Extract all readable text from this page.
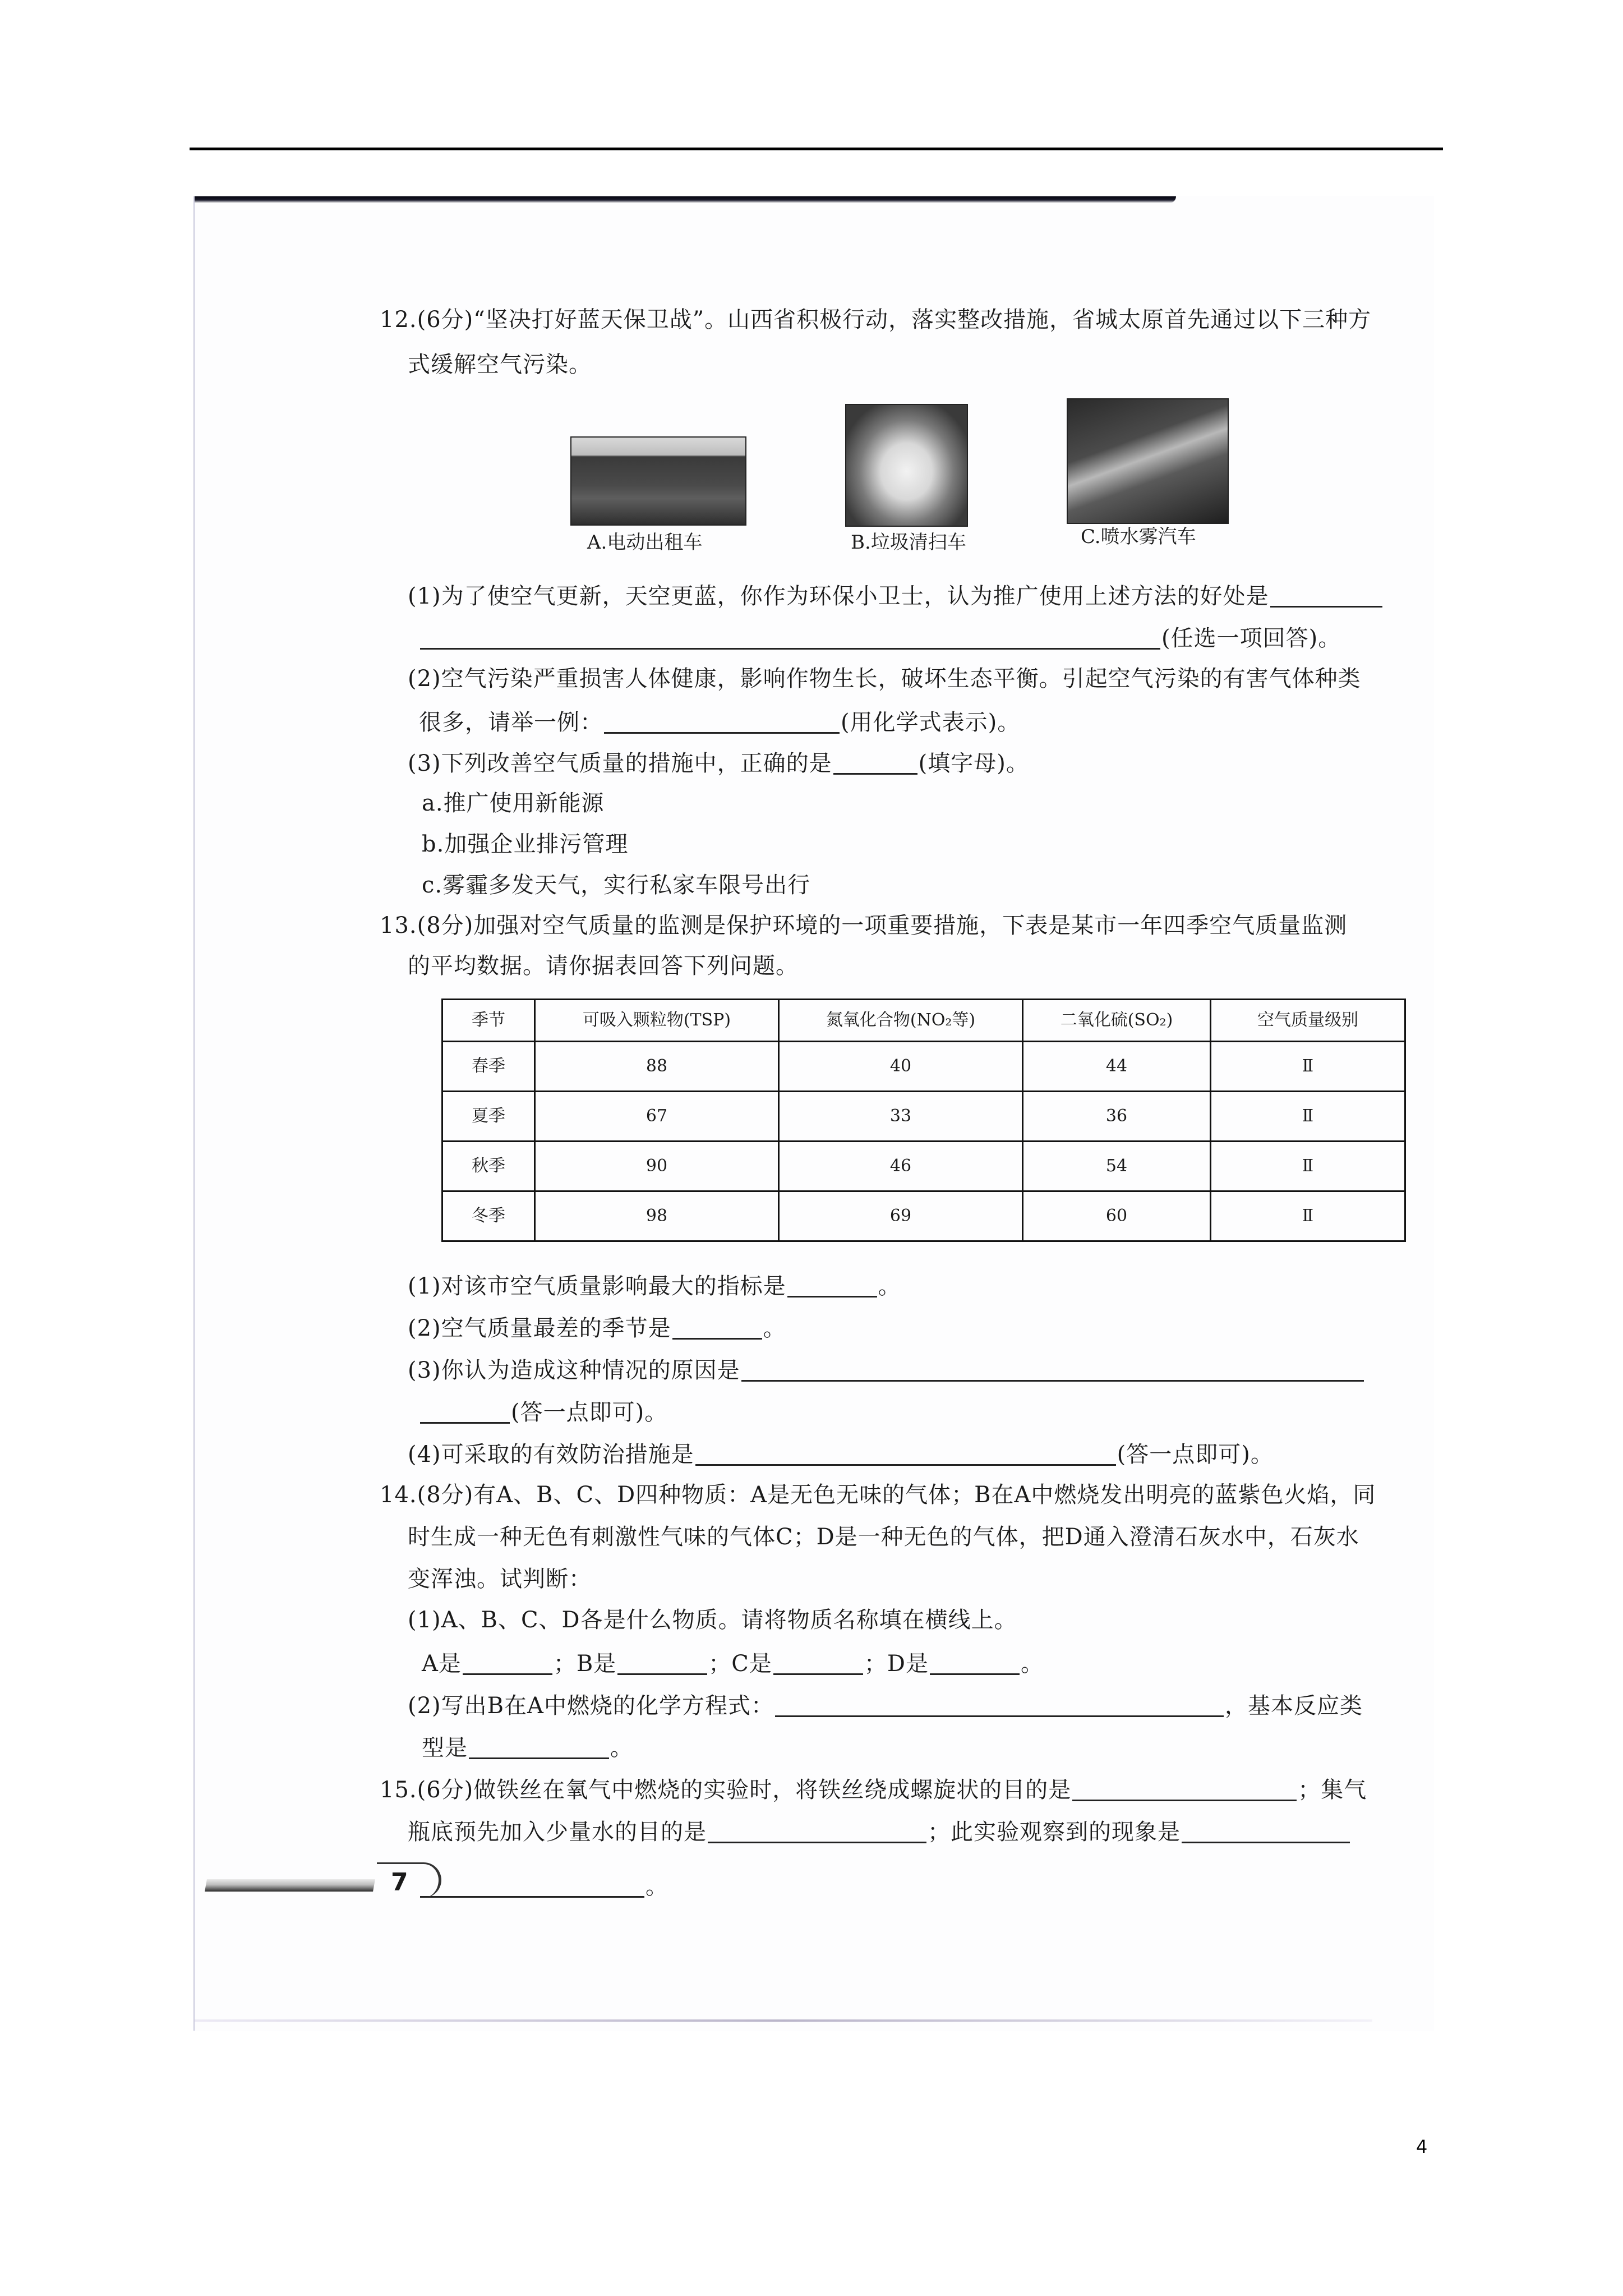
12.(6分)“坚决打好蓝天保卫战”。山西省积极行动，落实整改措施，省城太原首先通过以下三种方
式缓解空气污染。
A.电动出租车	B.垃圾清扫车	C.喷水雾汽车
(1)为了使空气更新，天空更蓝，你作为环保小卫士，认为推广使用上述方法的好处是
(任选一项回答)。
(2)空气污染严重损害人体健康，影响作物生长，破坏生态平衡。引起空气污染的有害气体种类
很多，请举一例：	(用化学式表示)。
(3)下列改善空气质量的措施中，正确的是	(填字母)。
a.推广使用新能源
b.加强企业排污管理
c.雾霾多发天气，实行私家车限号出行
13.(8分)加强对空气质量的监测是保护环境的一项重要措施，下表是某市一年四季空气质量监测
的平均数据。请你据表回答下列问题。
季节	可吸入颗粒物(TSP)	氮氧化合物(NO₂等)	二氧化硫(SO₂)	空气质量级别
春季	88	40	44	Ⅱ
夏季	67	33	36	Ⅱ
秋季	90	46	54	Ⅱ
冬季	98	69	60	Ⅱ
(1)对该市空气质量影响最大的指标是	。
(2)空气质量最差的季节是	。
(3)你认为造成这种情况的原因是
(答一点即可)。
(4)可采取的有效防治措施是	(答一点即可)。
14.(8分)有A、B、C、D四种物质：A是无色无味的气体；B在A中燃烧发出明亮的蓝紫色火焰，同
时生成一种无色有刺激性气味的气体C；D是一种无色的气体，把D通入澄清石灰水中，石灰水
变浑浊。试判断：
(1)A、B、C、D各是什么物质。请将物质名称填在横线上。
A是	；B是	；C是	；D是	。
(2)写出B在A中燃烧的化学方程式：	，基本反应类
型是	。
15.(6分)做铁丝在氧气中燃烧的实验时，将铁丝绕成螺旋状的目的是	；集气
瓶底预先加入少量水的目的是	；此实验观察到的现象是
。
7
4
